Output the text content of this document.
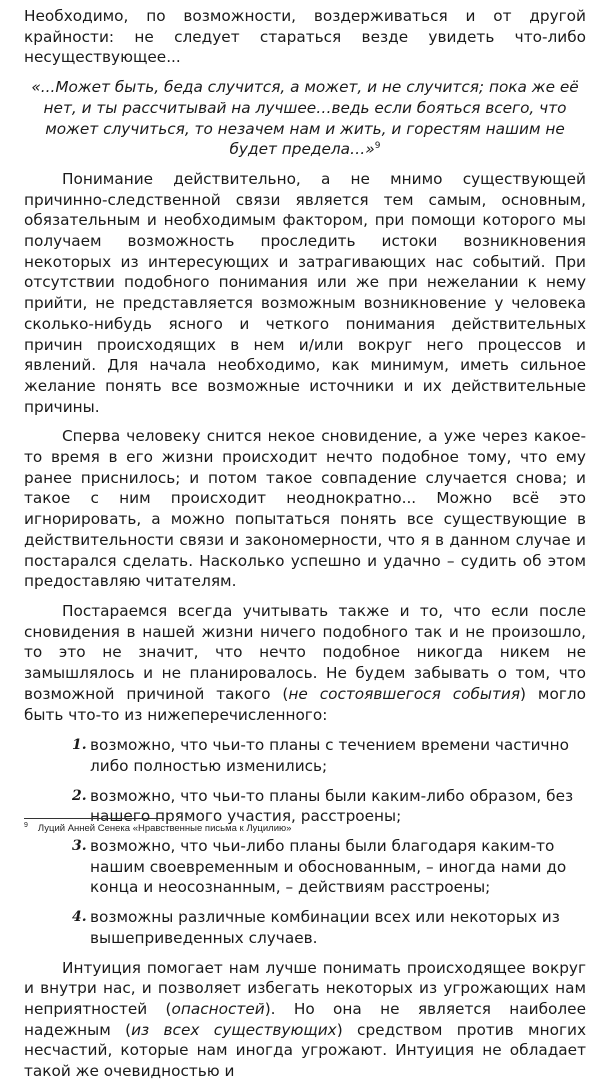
Необходимо, по возможности, воздерживаться и от другой крайности: не следует стараться везде увидеть что-либо несуществующее...

«...Может быть, беда случится, а может, и не случится; пока же её нет, и ты рассчитывай на лучшее…ведь если бояться всего, что может случиться, то незачем нам и жить, и горестям нашим не будет предела…»$^9$

Понимание действительно, а не мнимо существующей причинно-следственной связи является тем самым, основным, обязательным и необходимым фактором, при помощи которого мы получаем возможность проследить истоки возникновения некоторых из интересующих и затрагивающих нас событий. При отсутствии подобного понимания или же при нежелании к нему прийти, не представляется возможным возникновение у человека сколько-нибудь ясного и четкого понимания действительных причин происходящих в нем и/или вокруг него процессов и явлений. Для начала необходимо, как минимум, иметь сильное желание понять все возможные источники и их действительные причины.

Сперва человеку снится некое сновидение, а уже через какое-то время в его жизни происходит нечто подобное тому, что ему ранее приснилось; и потом такое совпадение случается снова; и такое с ним происходит неоднократно... Можно всё это игнорировать, а можно попытаться понять все существующие в действительности связи и закономерности, что я в данном случае и постарался сделать. Насколько успешно и удачно – судить об этом предоставляю читателям.

Постараемся всегда учитывать также и то, что если после сновидения в нашей жизни ничего подобного так и не произошло, то это не значит, что нечто подобное никогда никем не замышлялось и не планировалось. Не будем забывать о том, что возможной причиной такого (не состоявшегося события) могло быть что-то из нижеперечисленного:

1. возможно, что чьи-то планы с течением времени частично либо полностью изменились;
2. возможно, что чьи-то планы были каким-либо образом, без нашего прямого участия, расстроены;
3. возможно, что чьи-либо планы были благодаря каким-то нашим своевременным и обоснованным, – иногда нами до конца и неосознанным, – действиям расстроены;
4. возможны различные комбинации всех или некоторых из вышеприведенных случаев.

Интуиция помогает нам лучше понимать происходящее вокруг и внутри нас, и позволяет избегать некоторых из угрожающих нам неприятностей (опасностей). Но она не является наиболее надежным (из всех существующих) средством против многих несчастий, которые нам иногда угрожают. Интуиция не обладает такой же очевидностью и

$^9$ Луций Анней Сенека «Нравственные письма к Луцилию»
